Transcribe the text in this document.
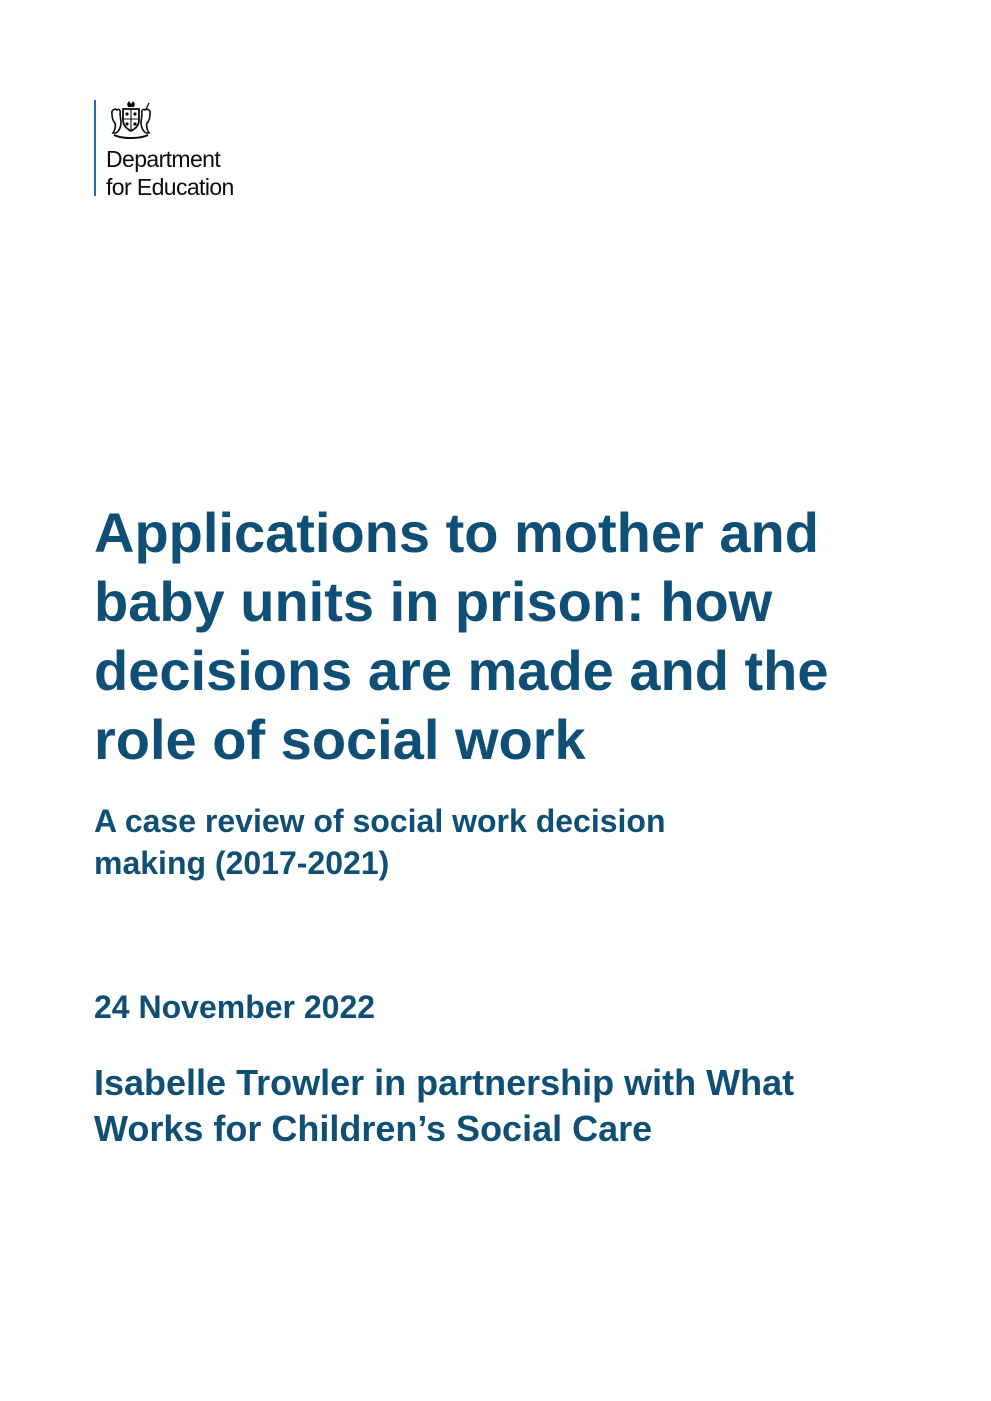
Department
for Education
Applications to mother and
baby units in prison: how
decisions are made and the
role of social work
A case review of social work decision
making (2017-2021)

24 November 2022

Isabelle Trowler in partnership with What
Works for Children’s Social Care
